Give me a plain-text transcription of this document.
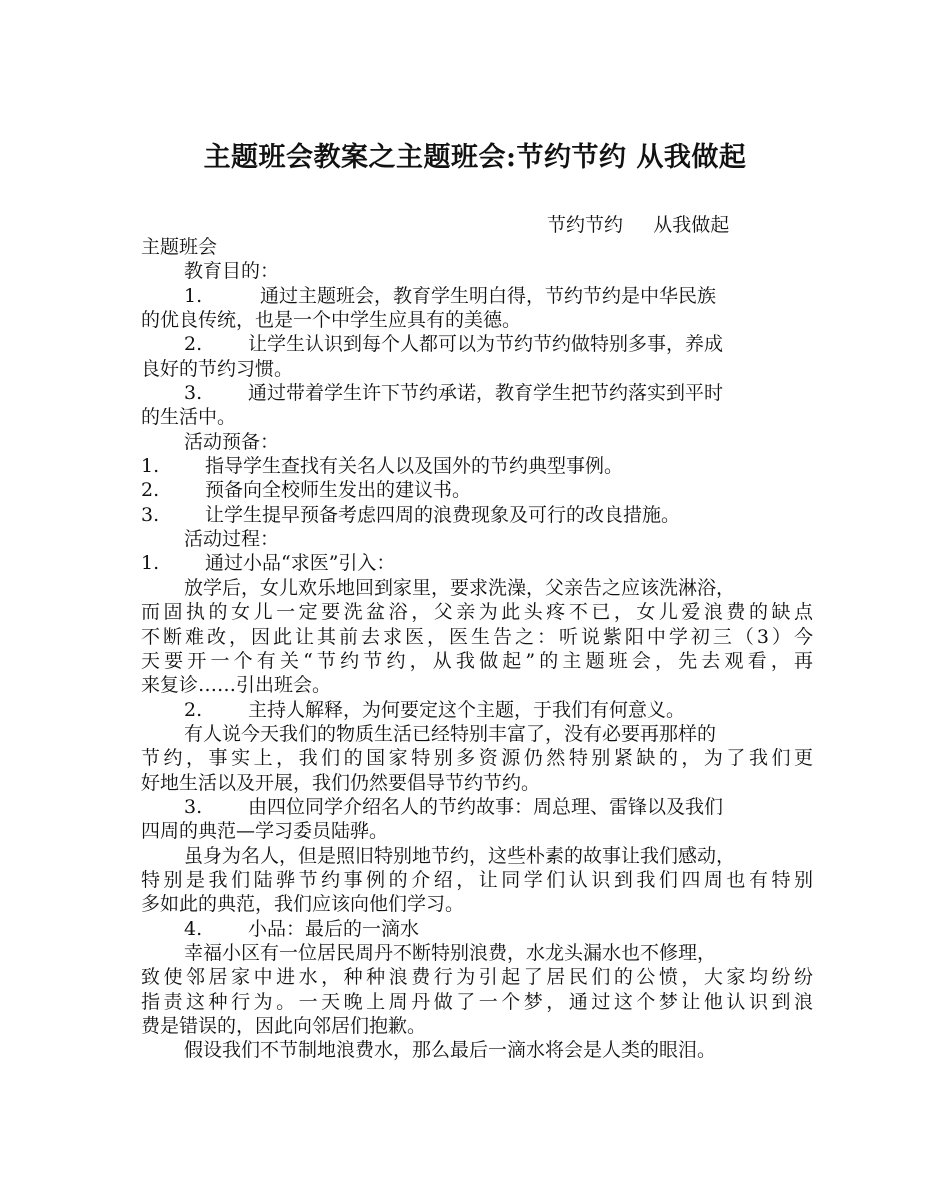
主题班会教案之主题班会:节约节约 从我做起
节约节约     从我做起
主题班会
教育目的：
1.	通过主题班会，教育学生明白得，节约节约是中华民族
的优良传统，也是一个中学生应具有的美德。
2. 让学生认识到每个人都可以为节约节约做特别多事，养成
良好的节约习惯。
3. 通过带着学生许下节约承诺，教育学生把节约落实到平时
的生活中。
活动预备：
1. 指导学生查找有关名人以及国外的节约典型事例。
2. 预备向全校师生发出的建议书。
3. 让学生提早预备考虑四周的浪费现象及可行的改良措施。
活动过程：
1. 通过小品“求医”引入：
放学后，女儿欢乐地回到家里，要求洗澡，父亲告之应该洗淋浴，
而固执的女儿一定要洗盆浴，父亲为此头疼不已，女儿爱浪费的缺点
不断难改，因此让其前去求医，医生告之：听说紫阳中学初三（3）今
天要开一个有关“节约节约，从我做起”的主题班会，先去观看，再
来复诊……引出班会。
2. 主持人解释，为何要定这个主题，于我们有何意义。
有人说今天我们的物质生活已经特别丰富了，没有必要再那样的
节约，事实上，我们的国家特别多资源仍然特别紧缺的，为了我们更
好地生活以及开展，我们仍然要倡导节约节约。
3. 由四位同学介绍名人的节约故事：周总理、雷锋以及我们
四周的典范—学习委员陆骅。
虽身为名人，但是照旧特别地节约，这些朴素的故事让我们感动，
特别是我们陆骅节约事例的介绍，让同学们认识到我们四周也有特别
多如此的典范，我们应该向他们学习。
4. 小品：最后的一滴水
幸福小区有一位居民周丹不断特别浪费，水龙头漏水也不修理，
致使邻居家中进水，种种浪费行为引起了居民们的公愤，大家均纷纷
指责这种行为。一天晚上周丹做了一个梦，通过这个梦让他认识到浪
费是错误的，因此向邻居们抱歉。
假设我们不节制地浪费水，那么最后一滴水将会是人类的眼泪。
